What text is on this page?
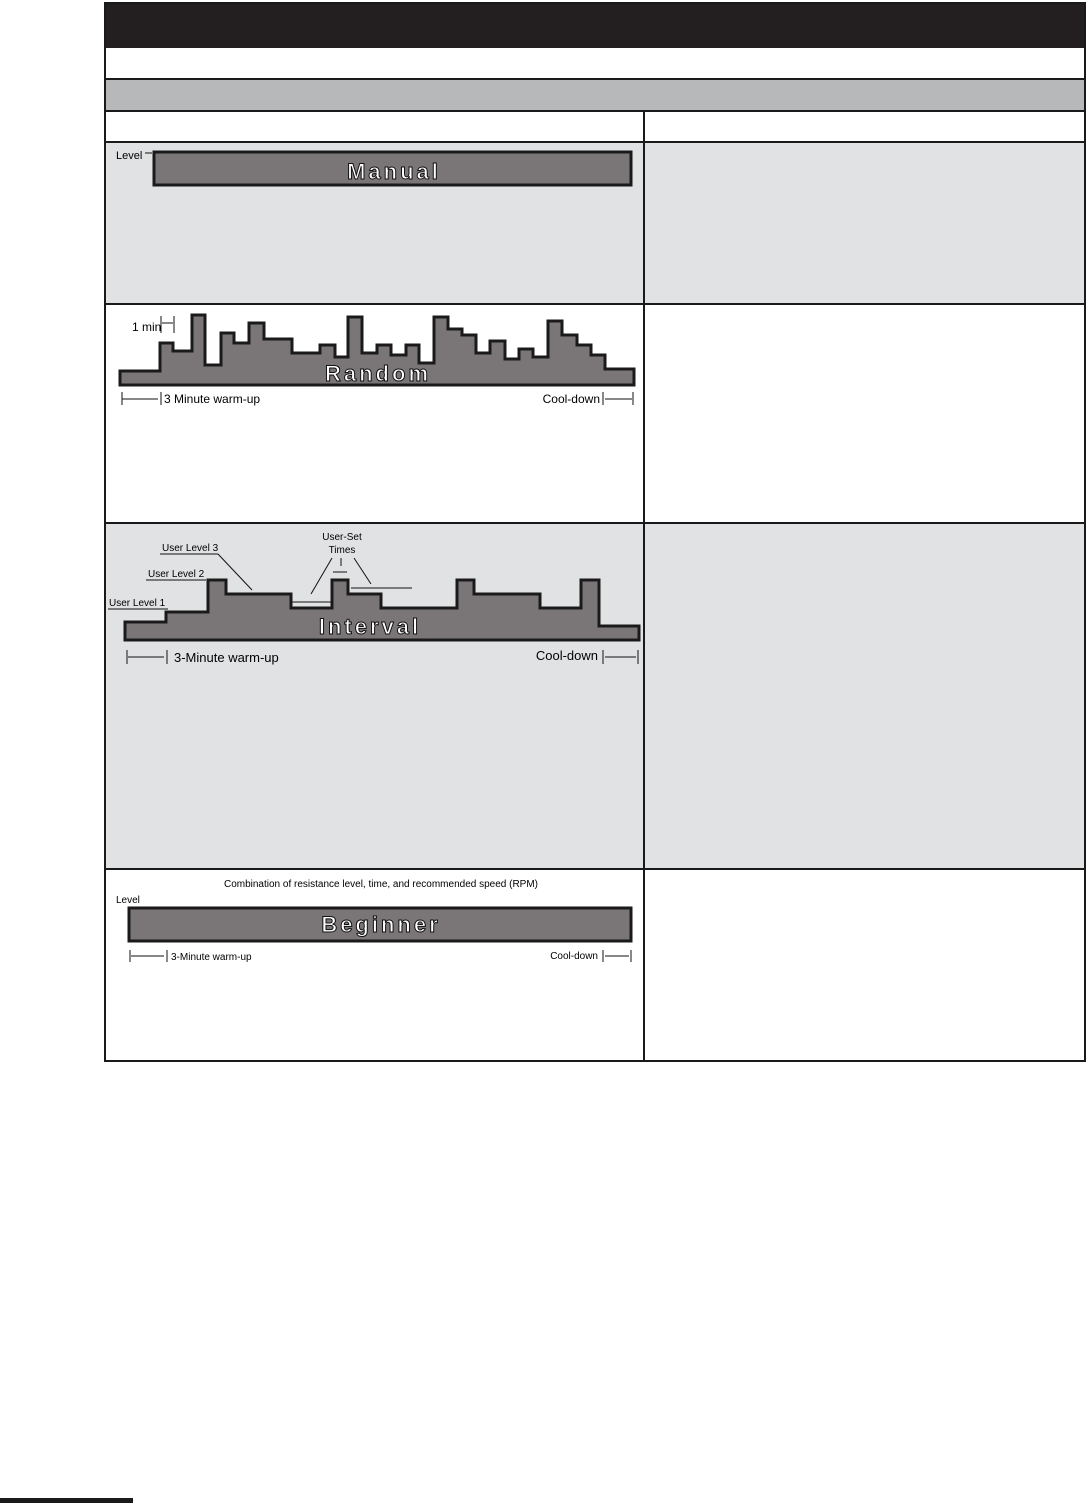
Level
Manual
Random
1 min
3 Minute warm-up	Cool-down
Interval
User Level 1
User Level 2
User Level 3
User-Set
Times
3-Minute warm-up	Cool-down
Combination of resistance level, time, and recommended speed (RPM)
Level
Beginner
3-Minute warm-up	Cool-down
